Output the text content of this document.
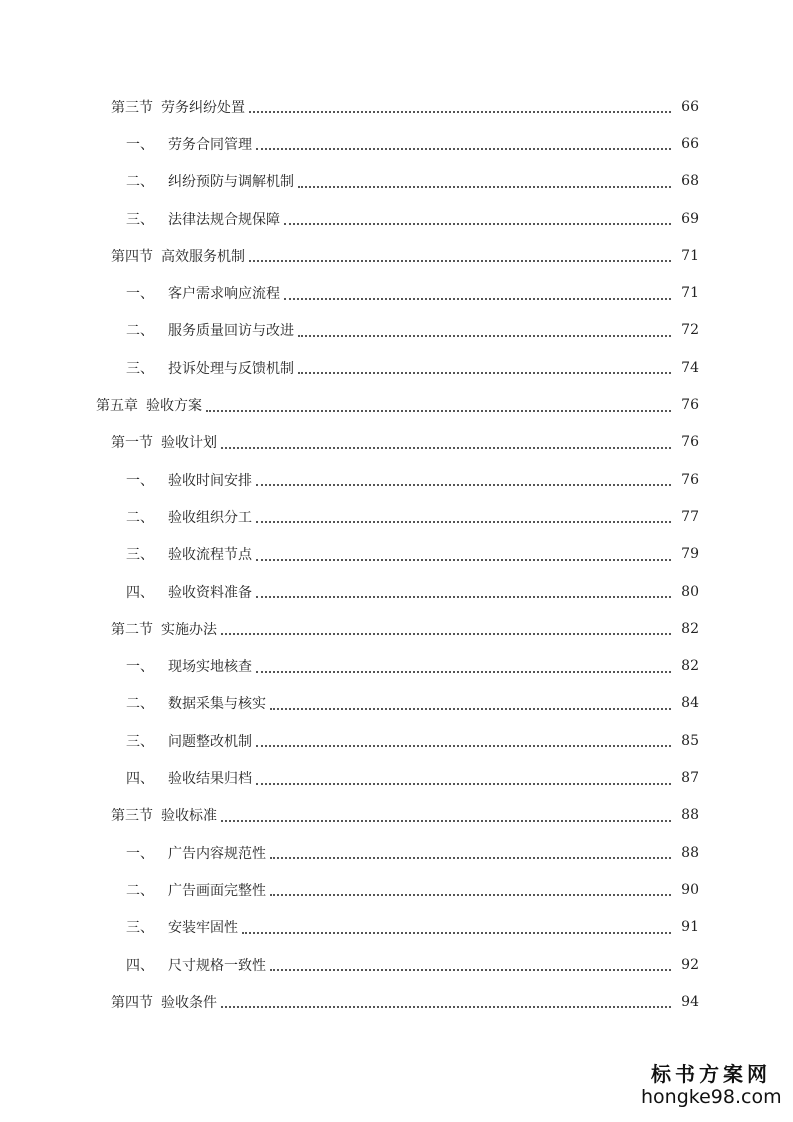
第三节 劳务纠纷处置	66
一、 劳务合同管理	66
二、 纠纷预防与调解机制	68
三、 法律法规合规保障	69
第四节 高效服务机制	71
一、 客户需求响应流程	71
二、 服务质量回访与改进	72
三、 投诉处理与反馈机制	74
第五章 验收方案	76
第一节 验收计划	76
一、 验收时间安排	76
二、 验收组织分工	77
三、 验收流程节点	79
四、 验收资料准备	80
第二节 实施办法	82
一、 现场实地核查	82
二、 数据采集与核实	84
三、 问题整改机制	85
四、 验收结果归档	87
第三节 验收标准	88
一、 广告内容规范性	88
二、 广告画面完整性	90
三、 安装牢固性	91
四、 尺寸规格一致性	92
第四节 验收条件	94
标书方案网
hongke98.com
